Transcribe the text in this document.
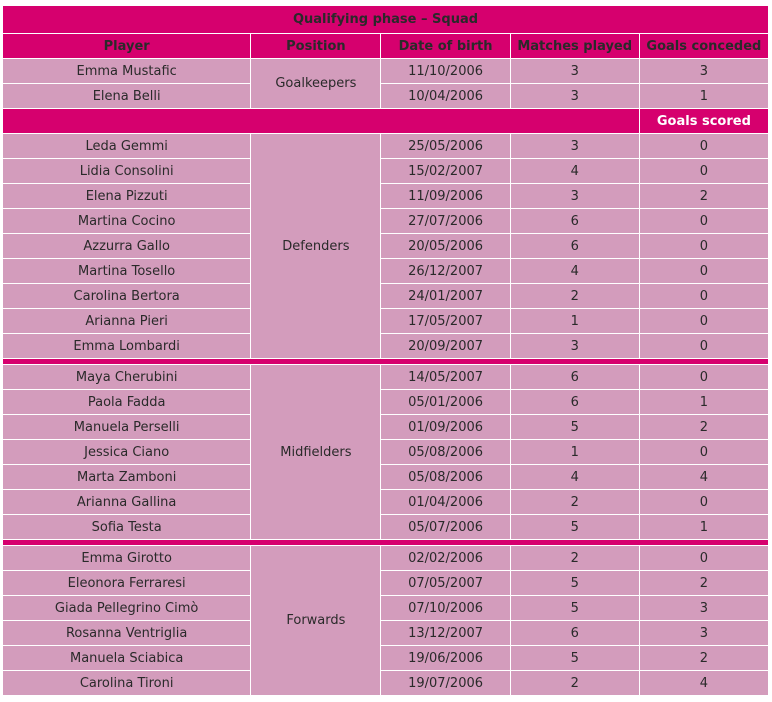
Qualifying phase – Squad				
Player	Position	Date of birth	Matches played	Goals conceded
Emma Mustafic	Goalkeepers	11/10/2006	3	3
Elena Belli		10/04/2006	3	1
				Goals scored
Leda Gemmi	Defenders	25/05/2006	3	0
Lidia Consolini		15/02/2007	4	0
Elena Pizzuti		11/09/2006	3	2
Martina Cocino		27/07/2006	6	0
Azzurra Gallo		20/05/2006	6	0
Martina Tosello		26/12/2007	4	0
Carolina Bertora		24/01/2007	2	0
Arianna Pieri		17/05/2007	1	0
Emma Lombardi		20/09/2007	3	0

Maya Cherubini	Midfielders	14/05/2007	6	0
Paola Fadda		05/01/2006	6	1
Manuela Perselli		01/09/2006	5	2
Jessica Ciano		05/08/2006	1	0
Marta Zamboni		05/08/2006	4	4
Arianna Gallina		01/04/2006	2	0
Sofia Testa		05/07/2006	5	1

Emma Girotto	Forwards	02/02/2006	2	0
Eleonora Ferraresi		07/05/2007	5	2
Giada Pellegrino Cimò		07/10/2006	5	3
Rosanna Ventriglia		13/12/2007	6	3
Manuela Sciabica		19/06/2006	5	2
Carolina Tironi		19/07/2006	2	4
